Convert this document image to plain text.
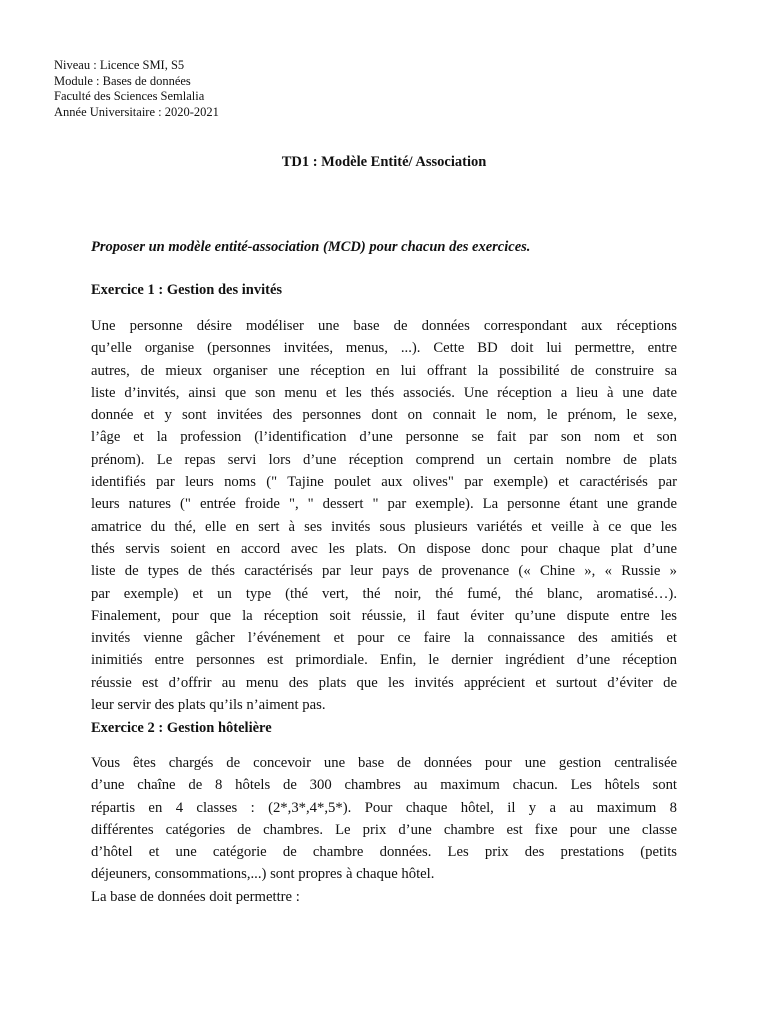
Niveau : Licence SMI, S5
Module : Bases de données
Faculté des Sciences Semlalia
Année Universitaire : 2020-2021
TD1 : Modèle Entité/ Association
Proposer un modèle entité-association (MCD) pour chacun des exercices.
Exercice 1 : Gestion des invités
Une personne désire modéliser une base de données correspondant aux réceptions
qu’elle organise (personnes invitées, menus, ...). Cette BD doit lui permettre, entre
autres, de mieux organiser une réception en lui offrant la possibilité de construire sa
liste d’invités, ainsi que son menu et les thés associés. Une réception a lieu à une date
donnée et y sont invitées des personnes dont on connait le nom, le prénom, le sexe,
l’âge et la profession (l’identification d’une personne se fait par son nom et son
prénom). Le repas servi lors d’une réception comprend un certain nombre de plats
identifiés par leurs noms (" Tajine poulet aux olives" par exemple) et caractérisés par
leurs natures (" entrée froide ", " dessert " par exemple). La personne étant une grande
amatrice du thé, elle en sert à ses invités sous plusieurs variétés et veille à ce que les
thés servis soient en accord avec les plats. On dispose donc pour chaque plat d’une
liste de types de thés caractérisés par leur pays de provenance (« Chine », « Russie »
par exemple) et un type (thé vert, thé noir, thé fumé, thé blanc, aromatisé…).
Finalement, pour que la réception soit réussie, il faut éviter qu’une dispute entre les
invités vienne gâcher l’événement et pour ce faire la connaissance des amitiés et
inimitiés entre personnes est primordiale. Enfin, le dernier ingrédient d’une réception
réussie est d’offrir au menu des plats que les invités apprécient et surtout d’éviter de
leur servir des plats qu’ils n’aiment pas.
Exercice 2 : Gestion hôtelière
Vous êtes chargés de concevoir une base de données pour une gestion centralisée
d’une chaîne de 8 hôtels de 300 chambres au maximum chacun. Les hôtels sont
répartis en 4 classes : (2*,3*,4*,5*). Pour chaque hôtel, il y a au maximum 8
différentes catégories de chambres. Le prix d’une chambre est fixe pour une classe
d’hôtel et une catégorie de chambre données. Les prix des prestations (petits
déjeuners, consommations,...) sont propres à chaque hôtel.
La base de données doit permettre :
